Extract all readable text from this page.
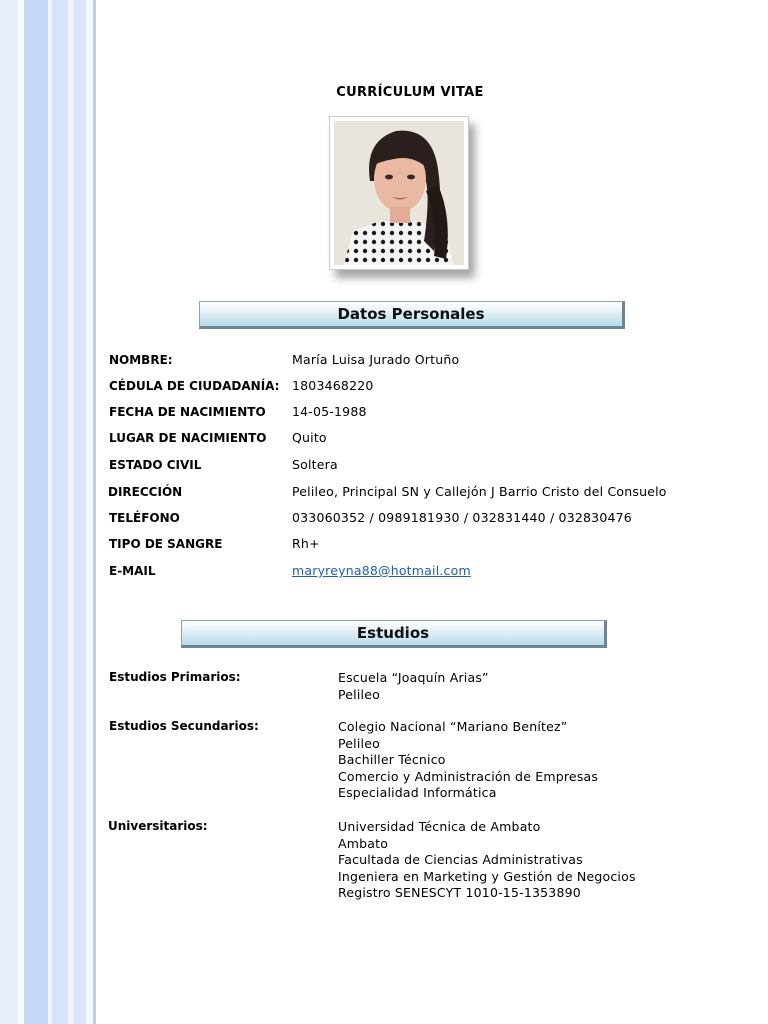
CURRÍCULUM VITAE
Datos Personales
NOMBRE:	María Luisa Jurado Ortuño
CÉDULA DE CIUDADANÍA: 1803468220
FECHA DE NACIMIENTO 14-05-1988
LUGAR DE NACIMIENTO Quito
ESTADO CIVIL	Soltera
DIRECCIÓN	Pelileo, Principal SN y Callejón J Barrio Cristo del Consuelo
TELÉFONO	033060352 / 0989181930 / 032831440 / 032830476
TIPO DE SANGRE	Rh+
E-MAIL	maryreyna88@hotmail.com
Estudios
Estudios Primarios:	Escuela “Joaquín Arias”
Pelileo
Estudios Secundarios:	Colegio Nacional “Mariano Benítez”
Pelileo
Bachiller Técnico
Comercio y Administración de Empresas
Especialidad Informática
Universitarios:	Universidad Técnica de Ambato
Ambato
Facultada de Ciencias Administrativas
Ingeniera en Marketing y Gestión de Negocios
Registro SENESCYT 1010-15-1353890
